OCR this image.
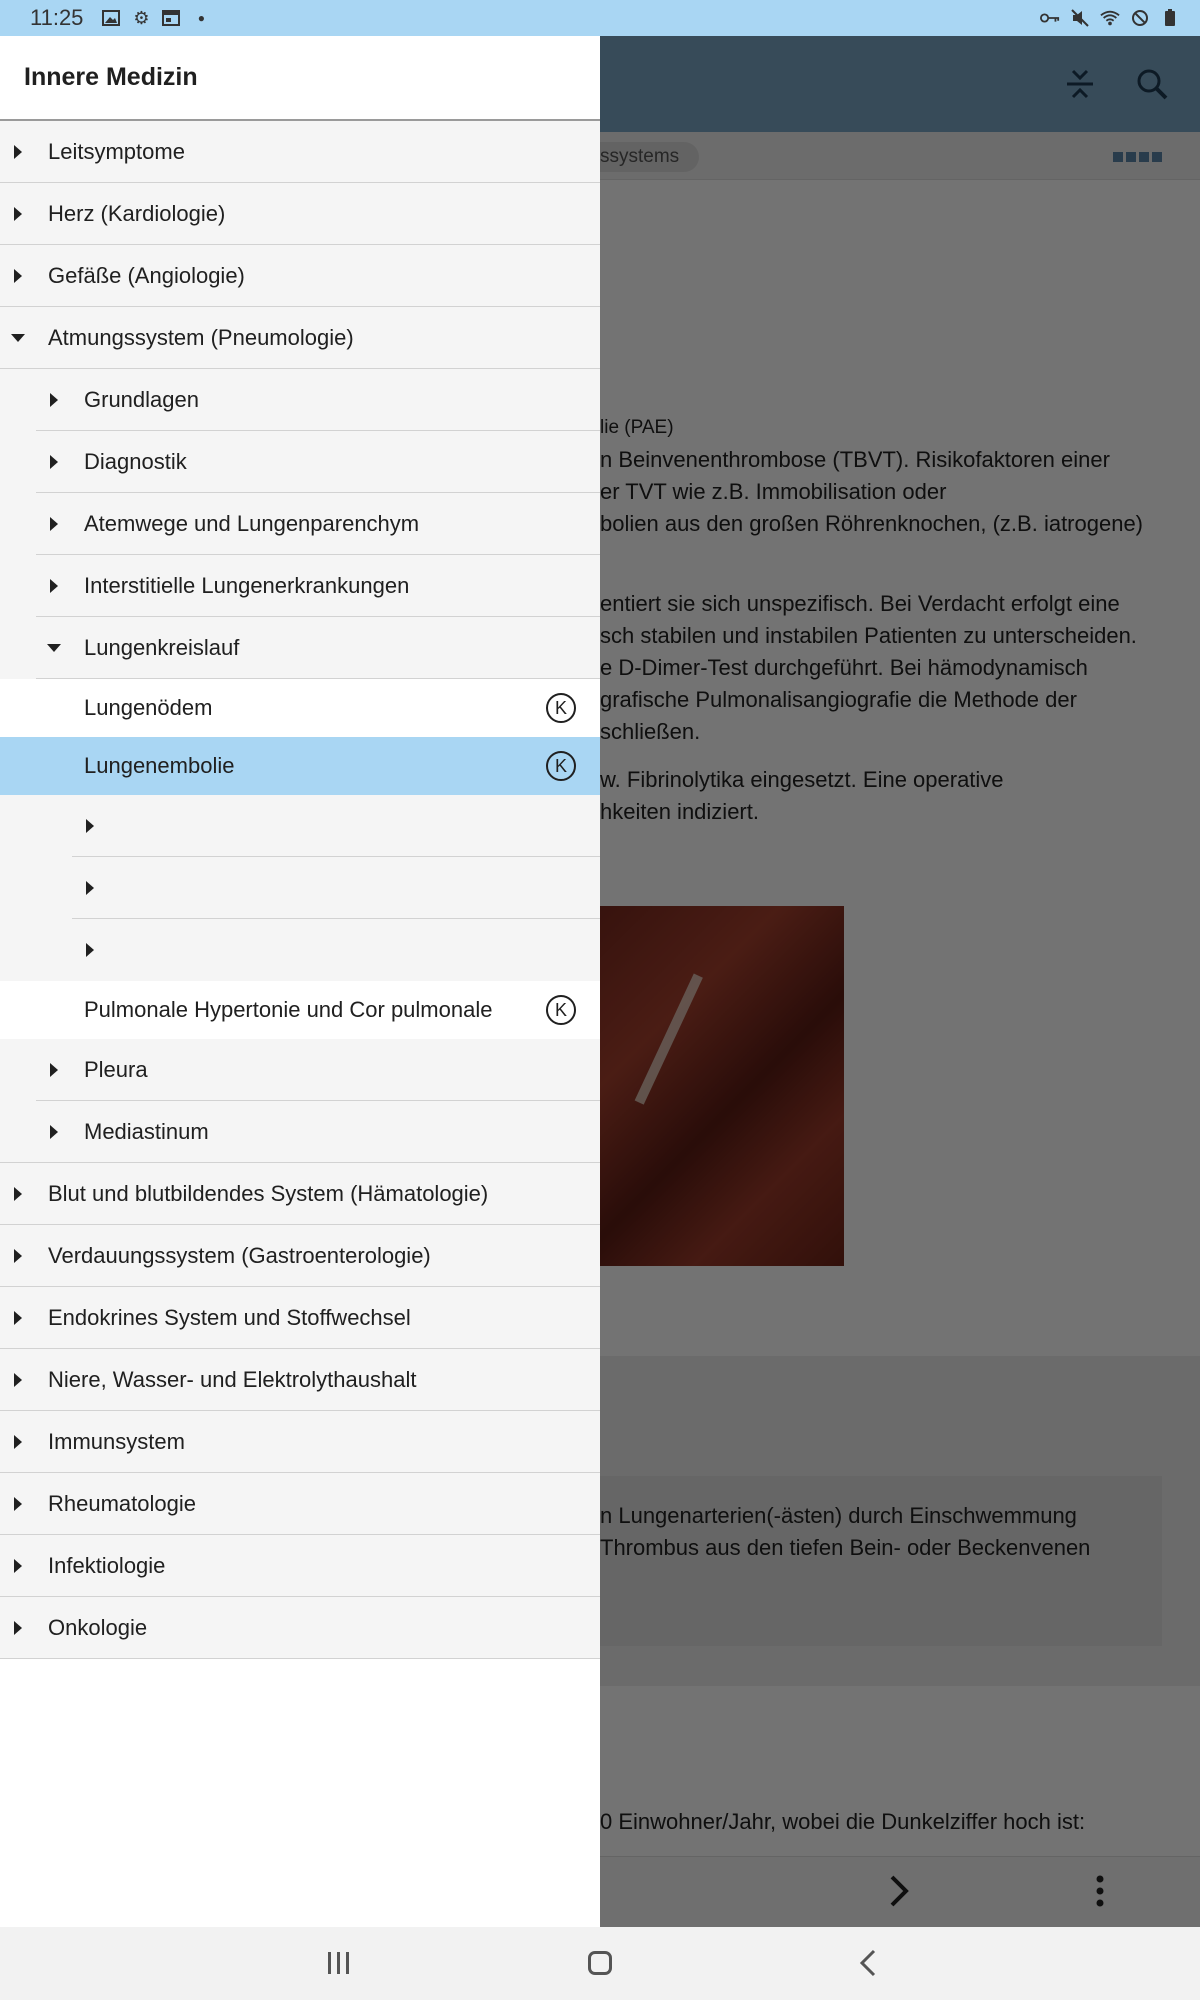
11:25	⚙	●
Innere Medizin
Leitsymptome
Herz (Kardiologie)
Gefäße (Angiologie)
Atmungssystem (Pneumologie)
Grundlagen
Diagnostik
Atemwege und Lungenparenchym
Interstitielle Lungenerkrankungen
Lungenkreislauf
Lungenödem	K
Lungenembolie	K
Pulmonale Hypertonie und Cor pulmonale	K
Pleura
Mediastinum
Blut und blutbildendes System (Hämatologie)
Verdauungssystem (Gastroenterologie)
Endokrines System und Stoffwechsel
Niere, Wasser- und Elektrolythaushalt
Immunsystem
Rheumatologie
Infektiologie
Onkologie
